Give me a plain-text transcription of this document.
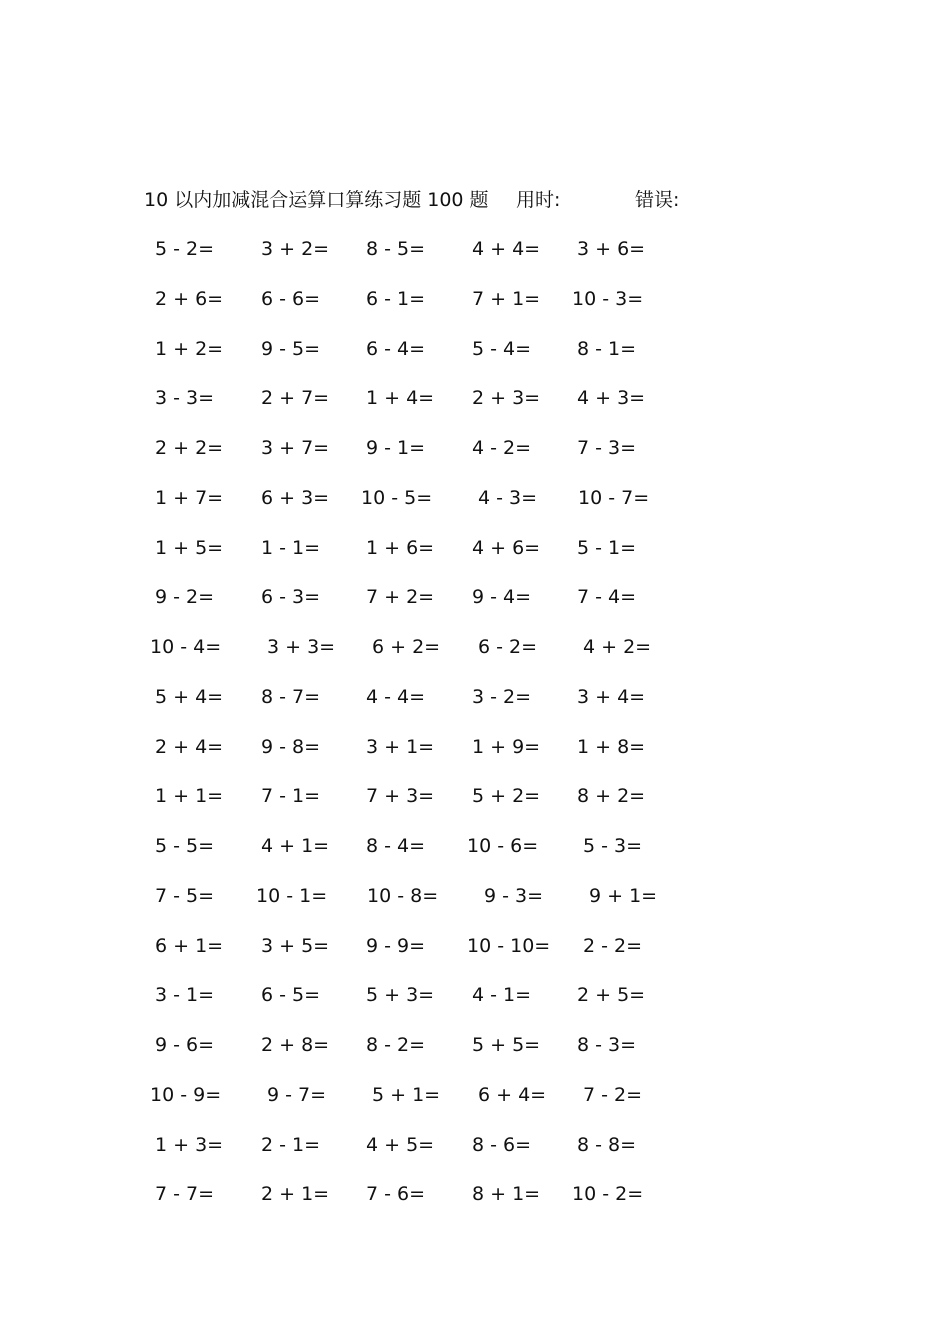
10 以内加减混合运算口算练习题 100 题 用时:	错误:
5 - 2= 3 + 2= 8 - 5= 4 + 4= 3 + 6=
2 + 6= 6 - 6= 6 - 1= 7 + 1= 10 - 3=
1 + 2= 9 - 5= 6 - 4= 5 - 4= 8 - 1=
3 - 3= 2 + 7= 1 + 4= 2 + 3= 4 + 3=
2 + 2= 3 + 7= 9 - 1= 4 - 2= 7 - 3=
1 + 7= 6 + 3= 10 - 5= 4 - 3= 10 - 7=
1 + 5= 1 - 1= 1 + 6= 4 + 6= 5 - 1=
9 - 2= 6 - 3= 7 + 2= 9 - 4= 7 - 4=
10 - 4= 3 + 3= 6 + 2= 6 - 2= 4 + 2=
5 + 4= 8 - 7= 4 - 4= 3 - 2= 3 + 4=
2 + 4= 9 - 8= 3 + 1= 1 + 9= 1 + 8=
1 + 1= 7 - 1= 7 + 3= 5 + 2= 8 + 2=
5 - 5= 4 + 1= 8 - 4= 10 - 6= 5 - 3=
7 - 5= 10 - 1= 10 - 8= 9 - 3= 9 + 1=
6 + 1= 3 + 5= 9 - 9= 10 - 10= 2 - 2=
3 - 1= 6 - 5= 5 + 3= 4 - 1= 2 + 5=
9 - 6= 2 + 8= 8 - 2= 5 + 5= 8 - 3=
10 - 9= 9 - 7= 5 + 1= 6 + 4= 7 - 2=
1 + 3= 2 - 1= 4 + 5= 8 - 6= 8 - 8=
7 - 7= 2 + 1= 7 - 6= 8 + 1= 10 - 2=
